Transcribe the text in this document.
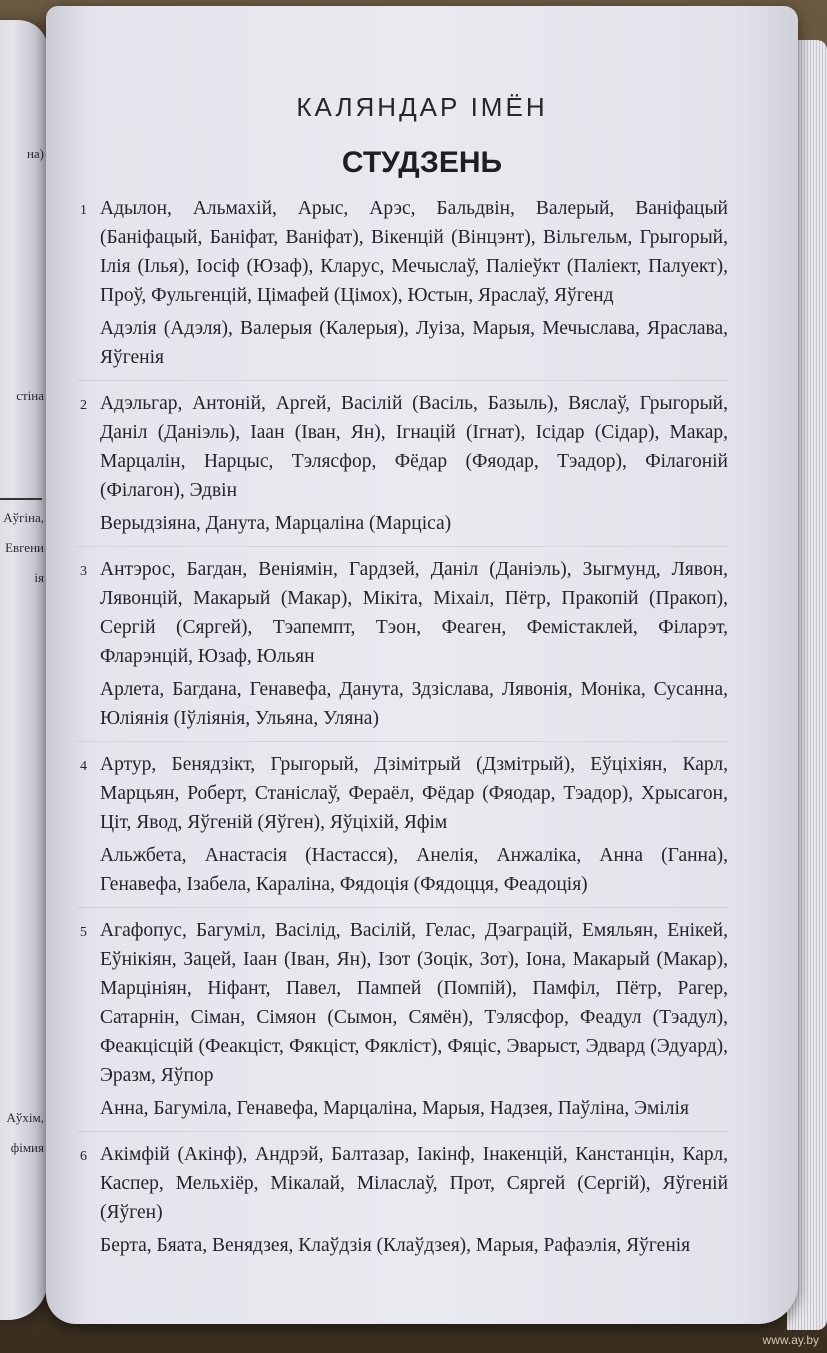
на)
стіна
Аўгіна,
Евгени
ія
Аўхім,
фімия
КАЛЯНДАР ІМЁН
СТУДЗЕНЬ
1 Адылон, Альмахій, Арыс, Арэс, Бальдвін, Валерый, Ваніфацый (Баніфацый, Баніфат, Ваніфат), Вікенцій (Вінцэнт), Вільгельм, Грыгорый, Ілія (Ілья), Іосіф (Юзаф), Кларус, Мечыслаў, Паліеўкт (Паліект, Палуект), Проў, Фульгенцій, Цімафей (Цімох), Юстын, Яраслаў, Яўгенд

Адэлія (Адэля), Валерыя (Калерыя), Луіза, Марыя, Мечыслава, Яраслава, Яўгенія

2 Адэльгар, Антоній, Аргей, Васілій (Васіль, Базыль), Вяслаў, Грыгорый, Даніл (Даніэль), Іаан (Іван, Ян), Ігнацій (Ігнат), Ісідар (Сідар), Макар, Марцалін, Нарцыс, Тэлясфор, Фёдар (Фяодар, Тэадор), Філагоній (Філагон), Эдвін

Верыдзіяна, Данута, Марцаліна (Марціса)

3 Антэрос, Багдан, Веніямін, Гардзей, Даніл (Даніэль), Зыгмунд, Лявон, Лявонцій, Макарый (Макар), Мікіта, Міхаіл, Пётр, Пракопій (Пракоп), Сергій (Сяргей), Тэапемпт, Тэон, Феаген, Фемістаклей, Філарэт, Фларэнцій, Юзаф, Юльян

Арлета, Багдана, Генавефа, Данута, Здзіслава, Лявонія, Моніка, Сусанна, Юліянія (Іўліянія, Ульяна, Уляна)

4 Артур, Бенядзікт, Грыгорый, Дзімітрый (Дзмітрый), Еўціхіян, Карл, Марцьян, Роберт, Станіслаў, Фераёл, Фёдар (Фяодар, Тэадор), Хрысагон, Ціт, Явод, Яўгеній (Яўген), Яўціхій, Яфім

Альжбета, Анастасія (Настасся), Анелія, Анжаліка, Анна (Ганна), Генавефа, Ізабела, Караліна, Фядоція (Фядоцця, Феадоція)

5 Агафопус, Багуміл, Васілід, Васілій, Гелас, Дэаграцій, Емяльян, Енікей, Еўнікіян, Зацей, Іаан (Іван, Ян), Ізот (Зоцік, Зот), Іона, Макарый (Макар), Марцініян, Ніфант, Павел, Пампей (Помпій), Памфіл, Пётр, Рагер, Сатарнін, Сіман, Сімяон (Сымон, Сямён), Тэлясфор, Феадул (Тэадул), Феакцісцій (Феакціст, Фякціст, Фякліст), Фяціс, Эварыст, Эдвард (Эдуард), Эразм, Яўпор

Анна, Багуміла, Генавефа, Марцаліна, Марыя, Надзея, Паўліна, Эмілія

6 Акімфій (Акінф), Андрэй, Балтазар, Іакінф, Інакенцій, Канстанцін, Карл, Каспер, Мельхіёр, Мікалай, Міласлаў, Прот, Сяргей (Сергій), Яўгеній (Яўген)

Берта, Бяата, Венядзея, Клаўдзія (Клаўдзея), Марыя, Рафаэлія, Яўгенія

www.ay.by
